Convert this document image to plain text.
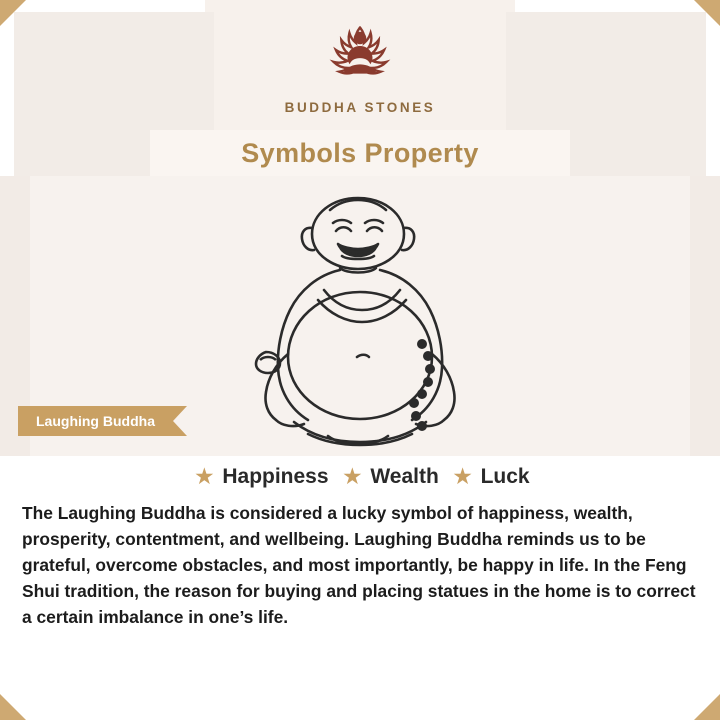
BUDDHA STONES
Symbols Property
Laughing Buddha
★ Happiness ★ Wealth ★ Luck
The Laughing Buddha is considered a lucky symbol of happiness, wealth, prosperity, contentment, and wellbeing. Laughing Buddha reminds us to be grateful, overcome obstacles, and most importantly, be happy in life. In the Feng Shui tradition, the reason for buying and placing statues in the home is to correct a certain imbalance in one’s life.
